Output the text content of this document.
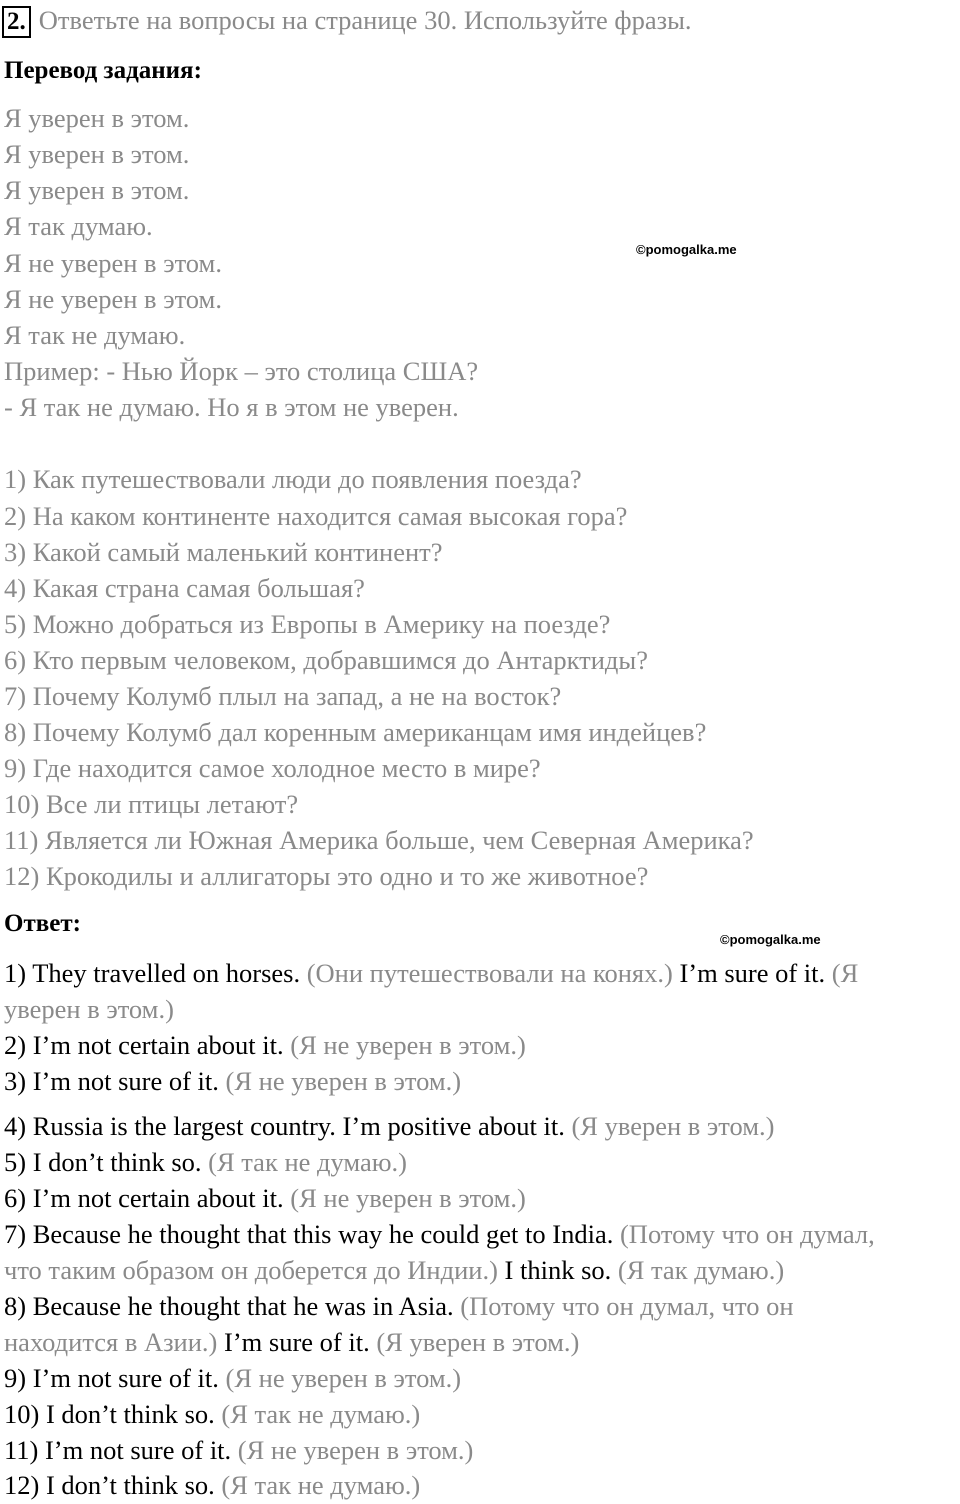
2. Ответьте на вопросы на странице 30. Используйте фразы.
Перевод задания:
Я уверен в этом.
Я уверен в этом.
Я уверен в этом.
Я так думаю.
Я не уверен в этом.
Я не уверен в этом.
Я так не думаю.
Пример: - Нью Йорк – это столица США?
- Я так не думаю. Но я в этом не уверен.
©pomogalka.me
1) Как путешествовали люди до появления поезда?
2) На каком континенте находится самая высокая гора?
3) Какой самый маленький континент?
4) Какая страна самая большая?
5) Можно добраться из Европы в Америку на поезде?
6) Кто первым человеком, добравшимся до Антарктиды?
7) Почему Колумб плыл на запад, а не на восток?
8) Почему Колумб дал коренным американцам имя индейцев?
9) Где находится самое холодное место в мире?
10) Все ли птицы летают?
11) Является ли Южная Америка больше, чем Северная Америка?
12) Крокодилы и аллигаторы это одно и то же животное?
Ответ:
©pomogalka.me
1) They travelled on horses. (Они путешествовали на конях.) I’m sure of it. (Я
уверен в этом.)
2) I’m not certain about it. (Я не уверен в этом.)
3) I’m not sure of it. (Я не уверен в этом.)
4) Russia is the largest country. I’m positive about it. (Я уверен в этом.)
5) I don’t think so. (Я так не думаю.)
6) I’m not certain about it. (Я не уверен в этом.)
7) Because he thought that this way he could get to India. (Потому что он думал,
что таким образом он доберется до Индии.) I think so. (Я так думаю.)
8) Because he thought that he was in Asia. (Потому что он думал, что он
находится в Азии.) I’m sure of it. (Я уверен в этом.)
9) I’m not sure of it. (Я не уверен в этом.)
10) I don’t think so. (Я так не думаю.)
11) I’m not sure of it. (Я не уверен в этом.)
12) I don’t think so. (Я так не думаю.)
